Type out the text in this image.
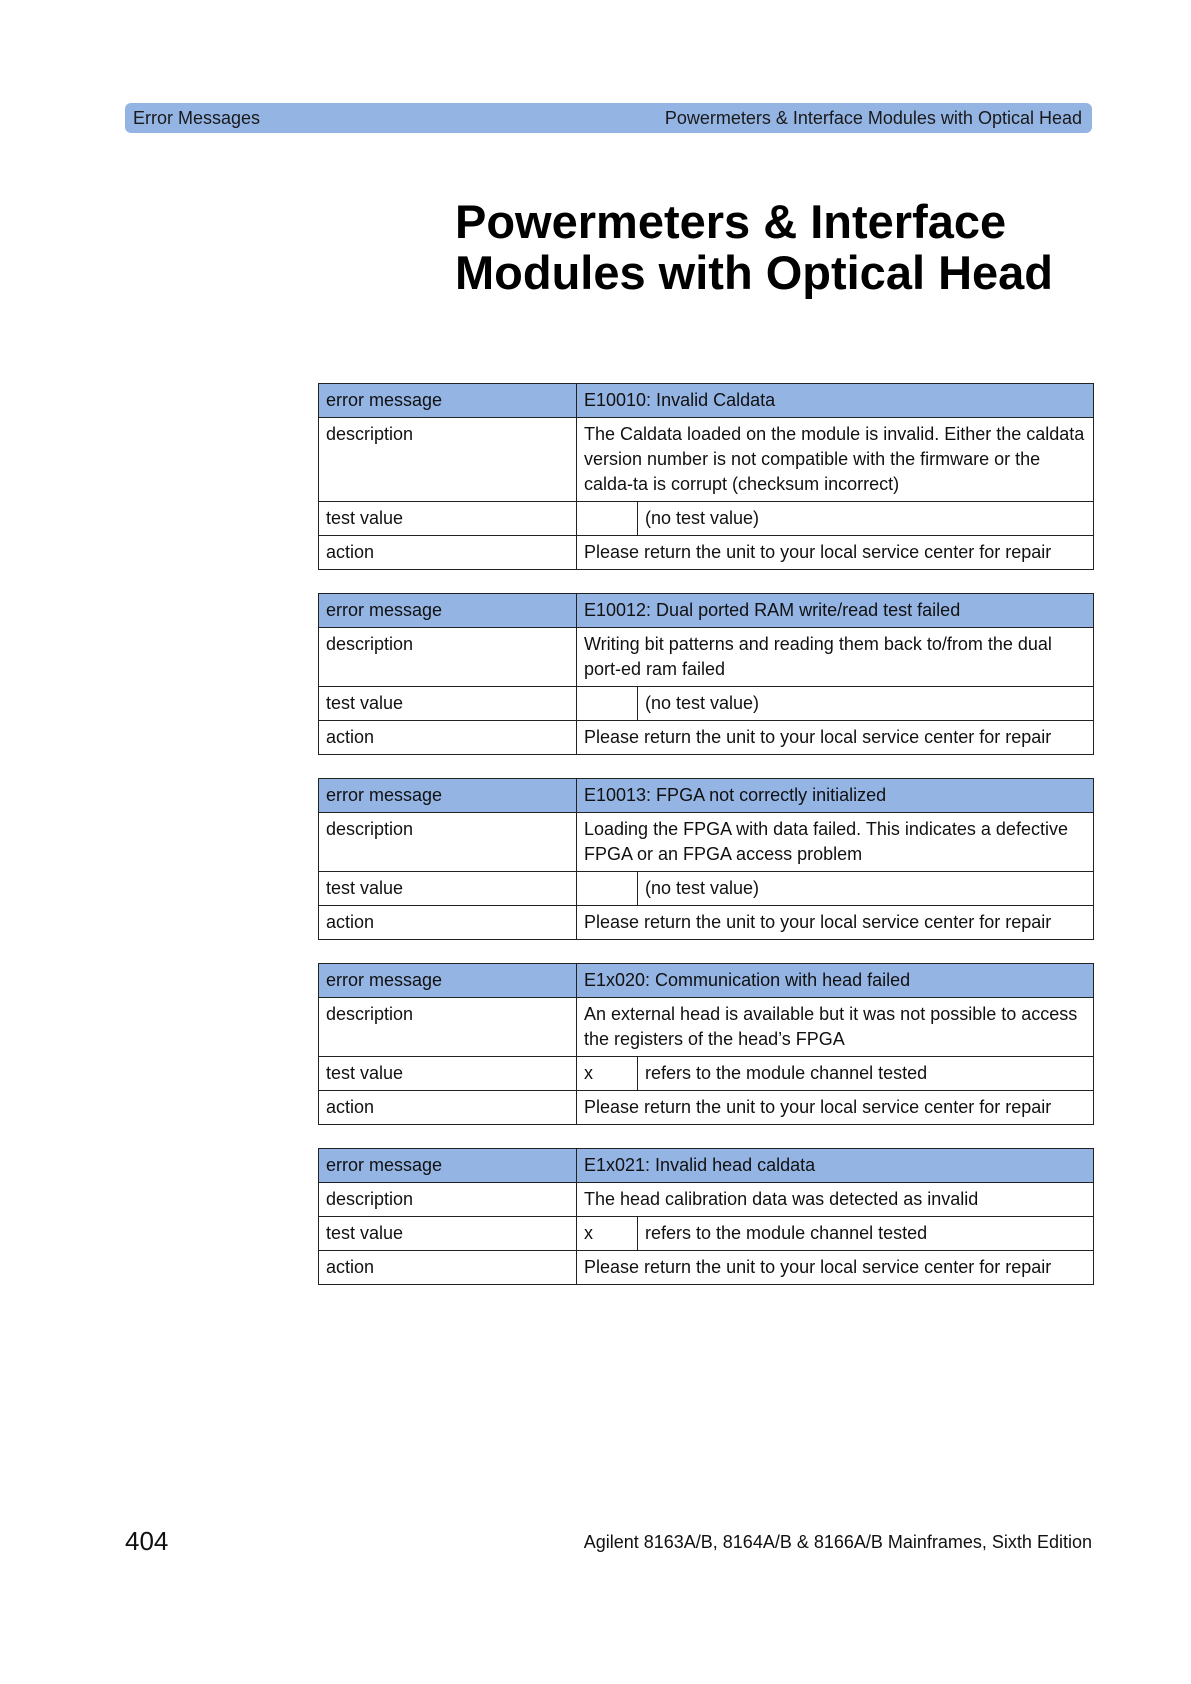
Error Messages	Powermeters & Interface Modules with Optical Head
Powermeters & Interface
Modules with Optical Head
error message	E10010: Invalid Caldata	
description	The Caldata loaded on the module is invalid. Either the caldata version number is not compatible with the firmware or the calda-ta is corrupt (checksum incorrect)	
test value		(no test value)
action	Please return the unit to your local service center for repair	
error message	E10012: Dual ported RAM write/read test failed	
description	Writing bit patterns and reading them back to/from the dual port-ed ram failed	
test value		(no test value)
action	Please return the unit to your local service center for repair	
error message	E10013: FPGA not correctly initialized	
description	Loading the FPGA with data failed. This indicates a defective FPGA or an FPGA access problem	
test value		(no test value)
action	Please return the unit to your local service center for repair	
error message	E1x020: Communication with head failed	
description	An external head is available but it was not possible to access the registers of the head’s FPGA	
test value	x	refers to the module channel tested
action	Please return the unit to your local service center for repair	
error message	E1x021: Invalid head caldata	
description	The head calibration data was detected as invalid	
test value	x	refers to the module channel tested
action	Please return the unit to your local service center for repair	
404	Agilent 8163A/B, 8164A/B & 8166A/B Mainframes, Sixth Edition
